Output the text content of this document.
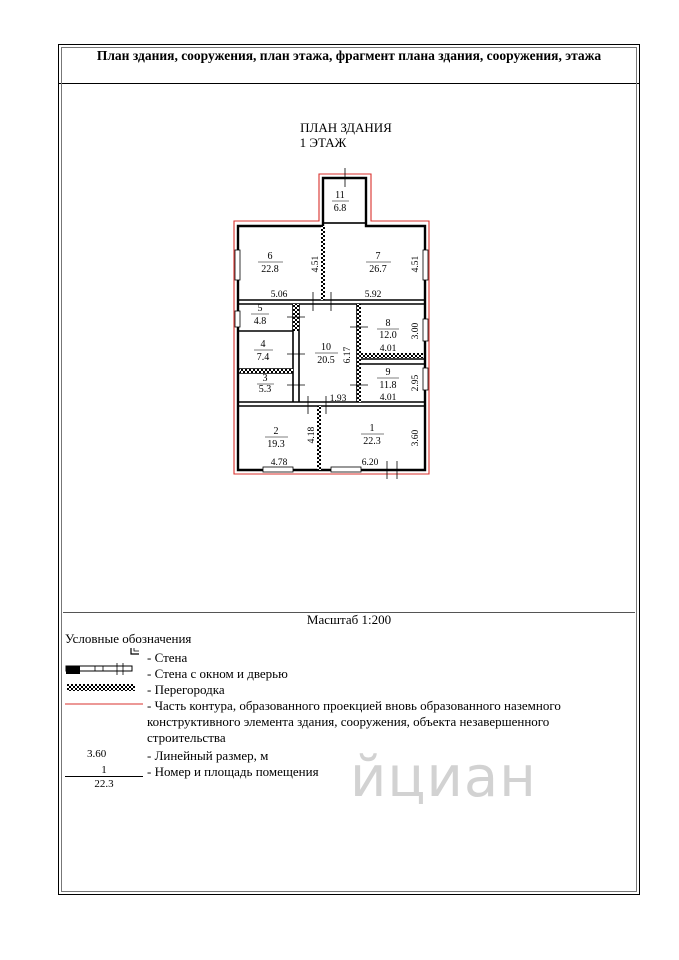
План здания, сооружения, план этажа, фрагмент плана здания, сооружения, этажа
ПЛАН ЗДАНИЯ
1 ЭТАЖ
11
6.8
6
22.8
7
26.7
5
4.8	8
12.0
10
20.5
4
7.4
3
5.3
9
11.8
2
19.3
1
22.3
4.51	4.51
5.06	5.92
3.00
4.01
6.17
2.95
4.01
1.93
4.18	3.60
4.78	6.20
Масштаб 1:200
Условные обозначения
- Стена
- Стена с окном и дверью
- Перегородка
- Часть контура, образованного проекцией вновь образованного наземного конструктивного элемента здания, сооружения, объекта незавершенного строительства
- Линейный размер, м
- Номер и площадь помещения
3.60
1
22.3	йциан
